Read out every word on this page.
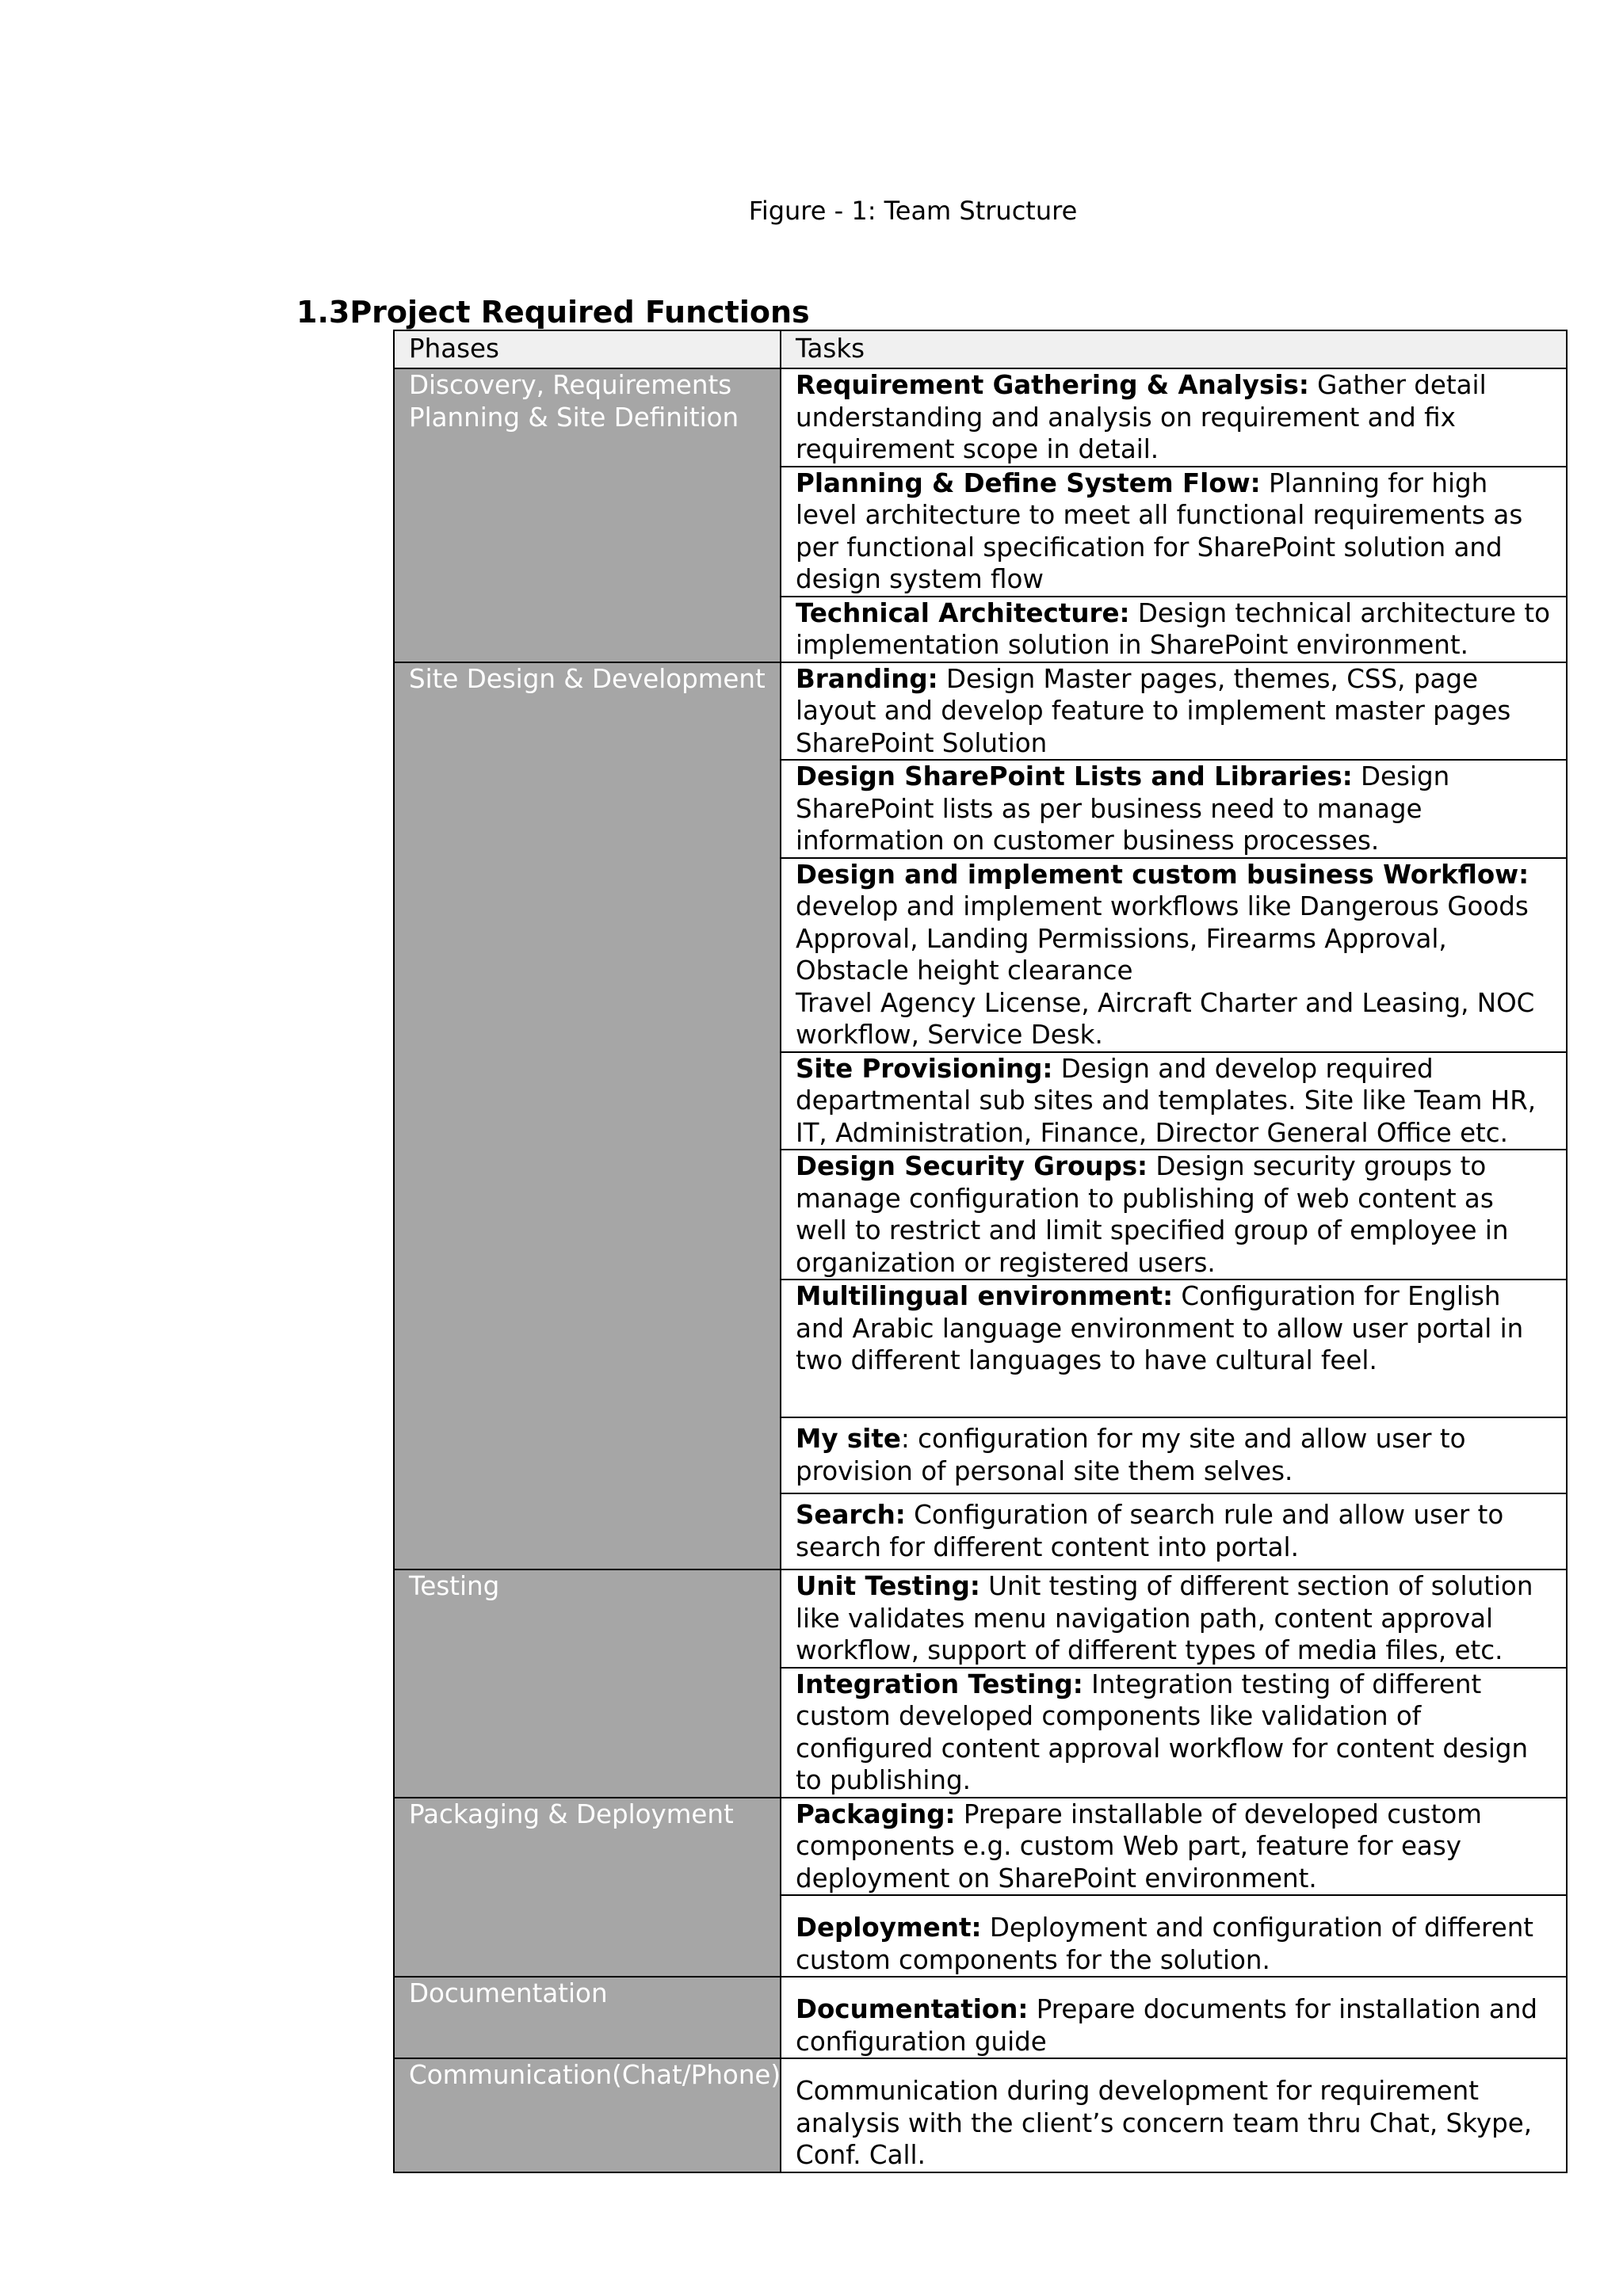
Figure - 1: Team Structure
1.3Project Required Functions
Phases	Tasks
Discovery, Requirements Planning & Site Definition	Requirement Gathering & Analysis: Gather detail understanding and analysis on requirement and fix requirement scope in detail.
	Planning & Define System Flow: Planning for high level architecture to meet all functional requirements as per functional specification for SharePoint solution and design system flow
	Technical Architecture: Design technical architecture to implementation solution in SharePoint environment.
Site Design & Development	Branding: Design Master pages, themes, CSS, page layout and develop feature to implement master pages SharePoint Solution
	Design SharePoint Lists and Libraries: Design SharePoint lists as per business need to manage information on customer business processes.
	Design and implement custom business Workflow: develop and implement workflows like Dangerous Goods Approval, Landing Permissions, Firearms Approval, Obstacle height clearance
Travel Agency License, Aircraft Charter and Leasing, NOC workflow, Service Desk.
	Site Provisioning: Design and develop required departmental sub sites and templates. Site like Team HR, IT, Administration, Finance, Director General Office etc.
	Design Security Groups: Design security groups to manage configuration to publishing of web content as well to restrict and limit specified group of employee in organization or registered users.
	Multilingual environment: Configuration for English and Arabic language environment to allow user portal in two different languages to have cultural feel.
	My site: configuration for my site and allow user to provision of personal site them selves.
	Search: Configuration of search rule and allow user to search for different content into portal.
Testing	Unit Testing: Unit testing of different section of solution like validates menu navigation path, content approval workflow, support of different types of media files, etc.
	Integration Testing: Integration testing of different custom developed components like validation of configured content approval workflow for content design to publishing.
Packaging & Deployment	Packaging: Prepare installable of developed custom components e.g. custom Web part, feature for easy deployment on SharePoint environment.
	Deployment: Deployment and configuration of different custom components for the solution.
Documentation	Documentation: Prepare documents for installation and configuration guide
Communication(Chat/Phone)	Communication during development for requirement analysis with the client’s concern team thru Chat, Skype, Conf. Call.
